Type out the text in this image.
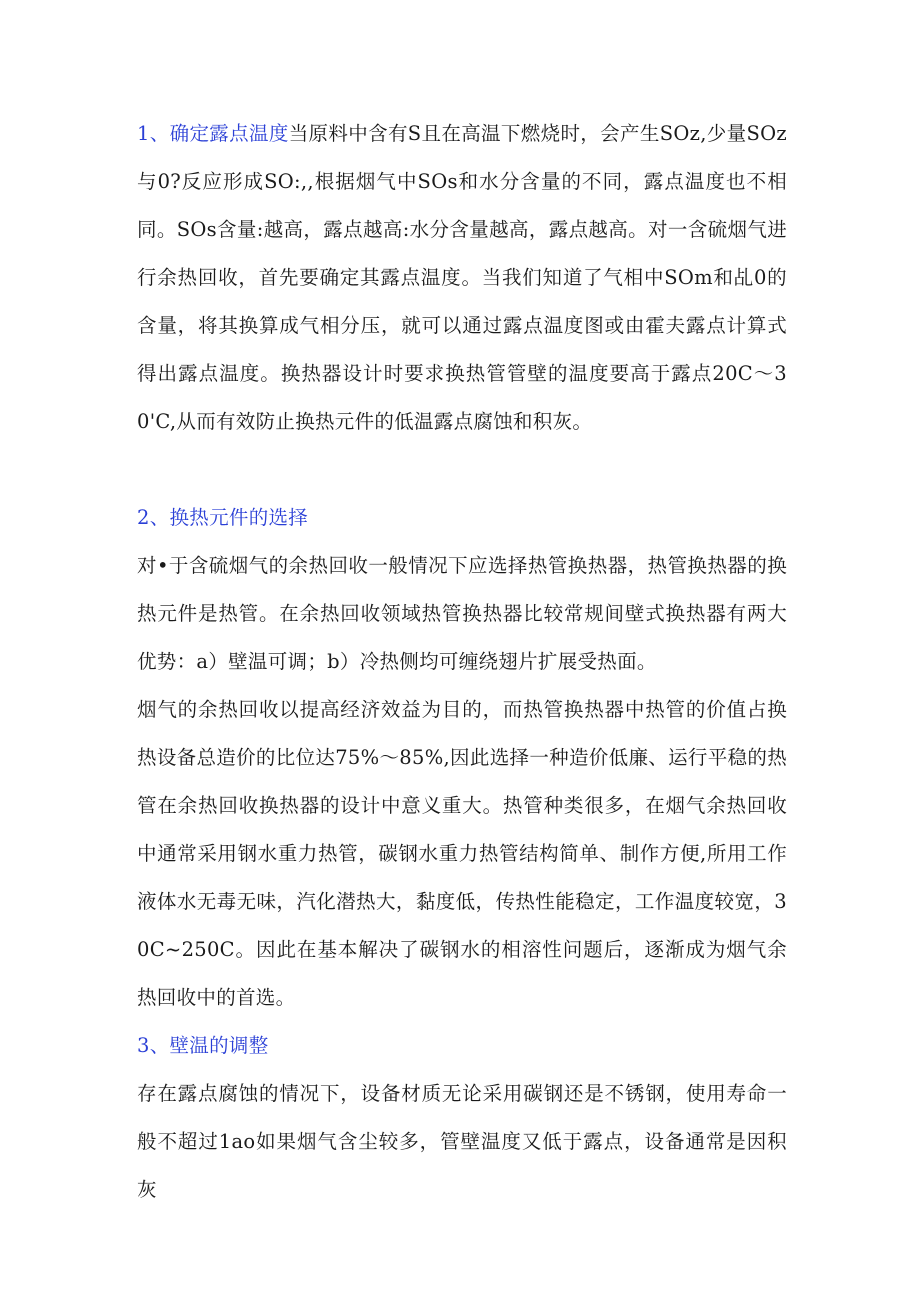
1、确定露点温度当原料中含有S且在高温下燃烧时，会产生SOz,少量SOz与0?反应形成SO:,,根据烟气中SOs和水分含量的不同，露点温度也不相同。SOs含量:越高，露点越高:水分含量越高，露点越高。对一含硫烟气进行余热回收，首先要确定其露点温度。当我们知道了气相中SOm和乩0的含量，将其换算成气相分压，就可以通过露点温度图或由霍夫露点计算式得出露点温度。换热器设计时要求换热管管壁的温度要高于露点20C〜30'C,从而有效防止换热元件的低温露点腐蚀和积灰。

2、换热元件的选择

对•于含硫烟气的余热回收一般情况下应选择热管换热器，热管换热器的换热元件是热管。在余热回收领域热管换热器比较常规间壁式换热器有两大优势：a）壁温可调；b）冷热侧均可缠绕翅片扩展受热面。

烟气的余热回收以提高经济效益为目的，而热管换热器中热管的价值占换热设备总造价的比位达75%〜85%,因此选择一种造价低廉、运行平稳的热管在余热回收换热器的设计中意义重大。热管种类很多，在烟气余热回收中通常采用钢水重力热管，碳钢水重力热管结构简单、制作方便,所用工作液体水无毒无味，汽化潜热大，黏度低，传热性能稳定，工作温度较宽，30C~250C。因此在基本解决了碳钢水的相溶性问题后，逐渐成为烟气余热回收中的首选。

3、壁温的调整

存在露点腐蚀的情况下，设备材质无论采用碳钢还是不锈钢，使用寿命一般不超过1ao如果烟气含尘较多，管壁温度又低于露点，设备通常是因积灰
